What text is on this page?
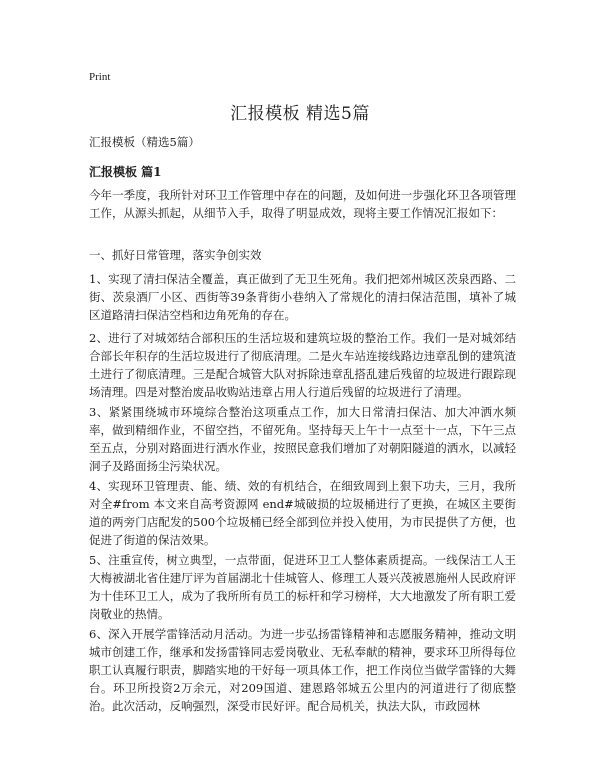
Print
汇报模板 精选5篇
汇报模板（精选5篇）
汇报模板 篇1
今年一季度，我所针对环卫工作管理中存在的问题，及如何进一步强化环卫各项管理工作，从源头抓起，从细节入手，取得了明显成效，现将主要工作情况汇报如下：
一、抓好日常管理，落实争创实效
1、实现了清扫保洁全覆盖，真正做到了无卫生死角。我们把郊州城区茨泉西路、二街、茨泉酒厂小区、西街等39条背街小巷纳入了常规化的清扫保洁范围，填补了城区道路清扫保洁空档和边角死角的存在。
2、进行了对城郊结合部积压的生活垃圾和建筑垃圾的整治工作。我们一是对城郊结合部长年积存的生活垃圾进行了彻底清理。二是火车站连接线路边违章乱倒的建筑渣土进行了彻底清理。三是配合城管大队对拆除违章乱搭乱建后残留的垃圾进行跟踪现场清理。四是对整治废品收购站违章占用人行道后残留的垃圾进行了清理。
3、紧紧围绕城市环境综合整治这项重点工作，加大日常清扫保洁、加大冲洒水频率，做到精细作业，不留空挡，不留死角。坚持每天上午十一点至十一点，下午三点至五点，分别对路面进行洒水作业，按照民意我们增加了对朝阳隧道的洒水，以减轻洞子及路面扬尘污染状况。
4、实现环卫管理责、能、绩、效的有机结合，在细致周到上狠下功夫，三月，我所对全#from 本文来自高考资源网 end#城破损的垃圾桶进行了更换，在城区主要街道的两旁门店配发的500个垃圾桶已经全部到位并投入使用，为市民提供了方便，也促进了街道的保洁效果。
5、注重宣传，树立典型，一点带面，促进环卫工人整体素质提高。一线保洁工人王大梅被湖北省住建厅评为首届湖北十佳城管人、修理工人聂兴茂被恩施州人民政府评为十佳环卫工人，成为了我所所有员工的标杆和学习榜样，大大地激发了所有职工爱岗敬业的热情。
6、深入开展学雷锋活动月活动。为进一步弘扬雷锋精神和志愿服务精神，推动文明城市创建工作，继承和发扬雷锋同志爱岗敬业、无私奉献的精神，要求环卫所得每位职工认真履行职责，脚踏实地的干好每一项具体工作，把工作岗位当做学雷锋的大舞台。环卫所投资2万余元，对209国道、建恩路邻城五公里内的河道进行了彻底整治。此次活动，反响强烈，深受市民好评。配合局机关，执法大队，市政园林
